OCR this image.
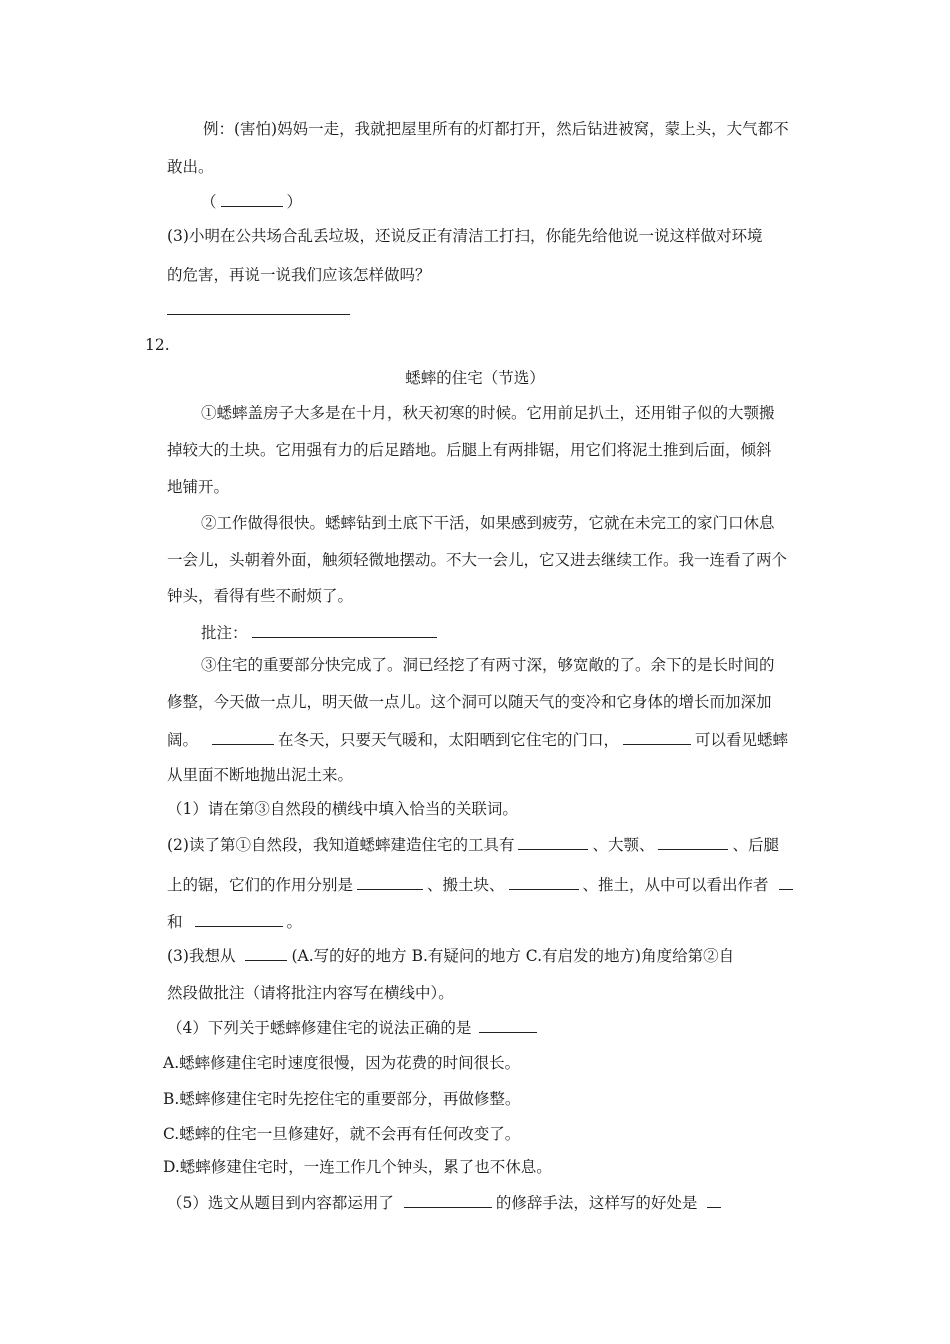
例：(害怕)妈妈一走，我就把屋里所有的灯都打开，然后钻进被窝，蒙上头，大气都不
敢出。
（	）
(3)小明在公共场合乱丢垃圾，还说反正有清洁工打扫，你能先给他说一说这样做对环境
的危害，再说一说我们应该怎样做吗？
12.
蟋蟀的住宅（节选）
①蟋蟀盖房子大多是在十月，秋天初寒的时候。它用前足扒土，还用钳子似的大颚搬
掉较大的土块。它用强有力的后足踏地。后腿上有两排锯，用它们将泥土推到后面，倾斜
地铺开。
②工作做得很快。蟋蟀钻到土底下干活，如果感到疲劳，它就在未完工的家门口休息
一会儿，头朝着外面，触须轻微地摆动。不大一会儿，它又进去继续工作。我一连看了两个
钟头，看得有些不耐烦了。
批注：
③住宅的重要部分快完成了。洞已经挖了有两寸深，够宽敞的了。余下的是长时间的
修整，今天做一点儿，明天做一点儿。这个洞可以随天气的变冷和它身体的增长而加深加
阔。	在冬天，只要天气暖和，太阳晒到它住宅的门口，	可以看见蟋蟀
从里面不断地抛出泥土来。
（1）请在第③自然段的横线中填入恰当的关联词。
(2)读了第①自然段，我知道蟋蟀建造住宅的工具有	、大颚、	、后腿
上的锯，它们的作用分别是	、搬土块、	、推土，从中可以看出作者
和	。
(3)我想从	(A.写的好的地方 B.有疑问的地方 C.有启发的地方)角度给第②自
然段做批注（请将批注内容写在横线中）。
（4）下列关于蟋蟀修建住宅的说法正确的是
A.蟋蟀修建住宅时速度很慢，因为花费的时间很长。
B.蟋蟀修建住宅时先挖住宅的重要部分，再做修整。
C.蟋蟀的住宅一旦修建好，就不会再有任何改变了。
D.蟋蟀修建住宅时，一连工作几个钟头，累了也不休息。
（5）选文从题目到内容都运用了	的修辞手法，这样写的好处是
